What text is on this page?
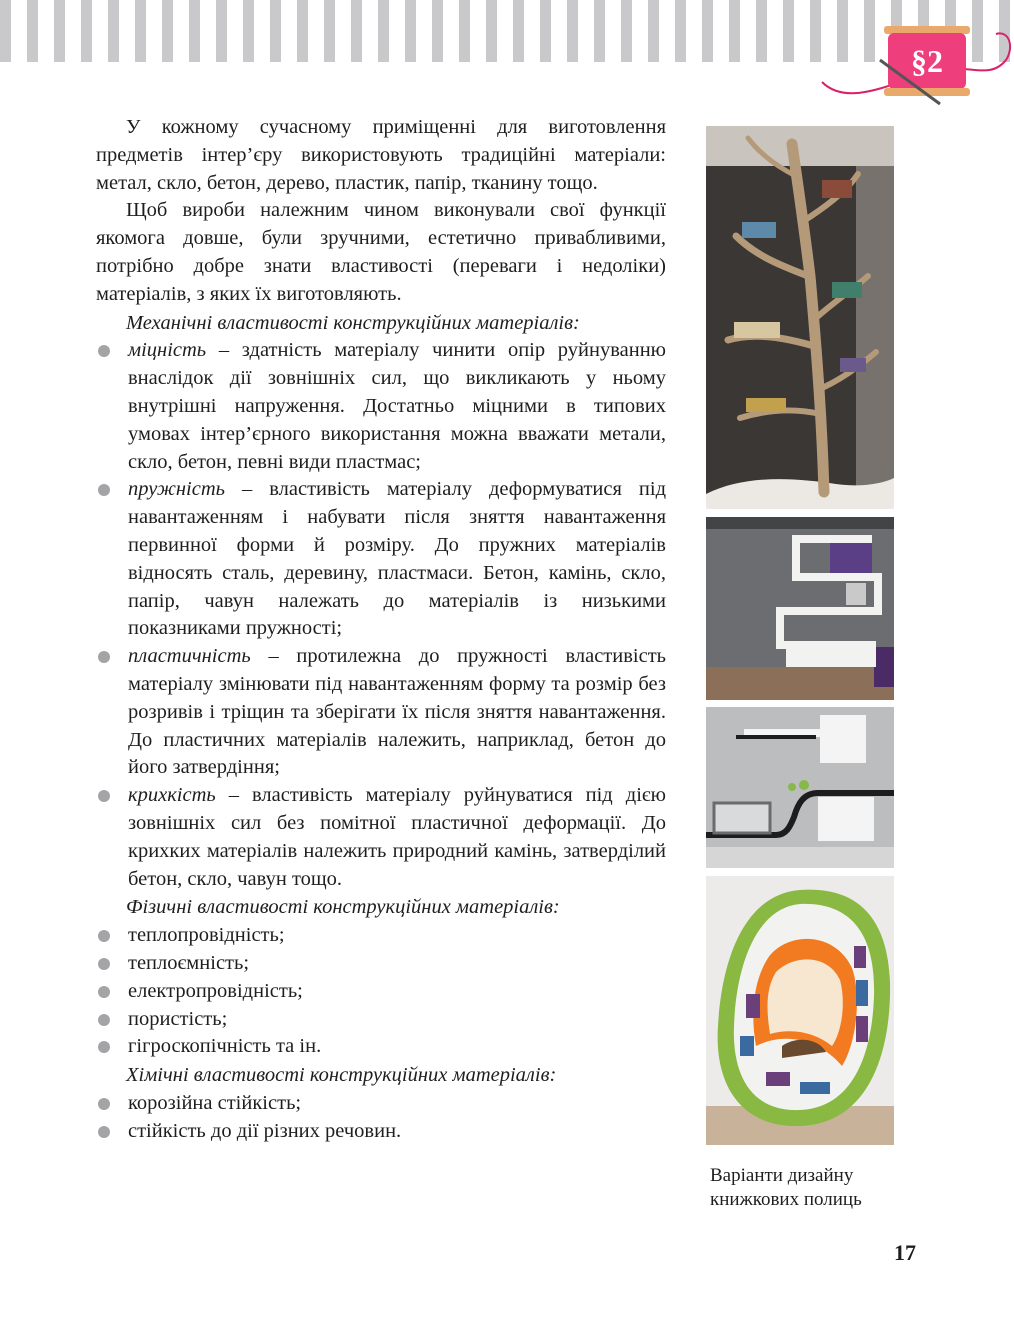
§2

У кожному сучасному приміщенні для виготовлення предметів інтер’єру використовують традиційні матеріали: метал, скло, бетон, дерево, пластик, папір, тканину тощо.

Щоб вироби належним чином виконували свої функції якомога довше, були зручними, естетично привабливими, потрібно добре знати властивості (переваги і недоліки) матеріалів, з яких їх виготовляють.

Механічні властивості конструкційних матеріалів:

міцність – здатність матеріалу чинити опір руйнуванню внаслідок дії зовнішніх сил, що викликають у ньому внутрішні напруження. Достатньо міцними в типових умовах інтер’єрного використання можна вважати метали, скло, бетон, певні види пластмас;
пружність – властивість матеріалу деформуватися під навантаженням і набувати після зняття навантаження первинної форми й розміру. До пружних матеріалів відносять сталь, деревину, пластмаси. Бетон, камінь, скло, папір, чавун належать до матеріалів із низькими показниками пружності;
пластичність – протилежна до пружності властивість матеріалу змінювати під навантаженням форму та розмір без розривів і тріщин та зберігати їх після зняття навантаження. До пластичних матеріалів належить, наприклад, бетон до його затвердіння;
крихкість – властивість матеріалу руйнуватися під дією зовнішніх сил без помітної пластичної деформації. До крихких матеріалів належить природний камінь, затверділий бетон, скло, чавун тощо.

Фізичні властивості конструкційних матеріалів:

теплопровідність;
теплоємність;
електропровідність;
пористість;
гігроскопічність та ін.

Хімічні властивості конструкційних матеріалів:

корозійна стійкість;
стійкість до дії різних речовин.
Варіанти дизайну книжкових полиць
17
